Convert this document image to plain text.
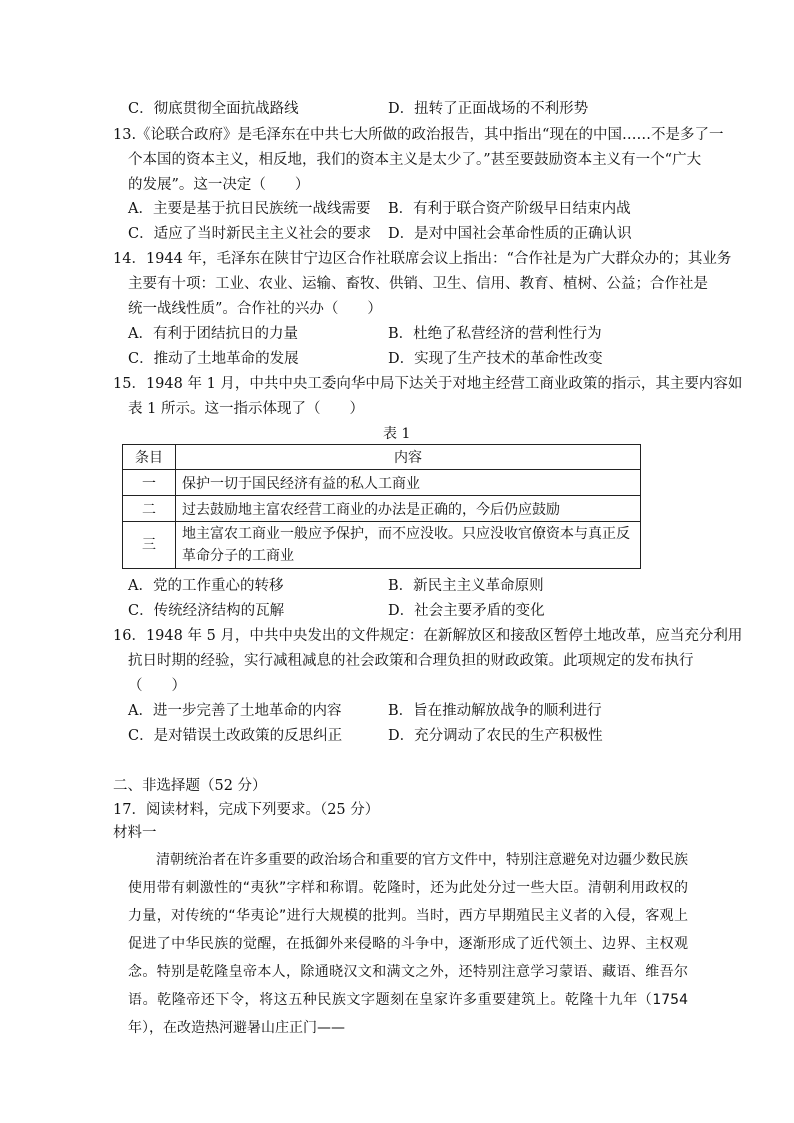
C．彻底贯彻全面抗战路线	D．扭转了正面战场的不利形势
13.《论联合政府》是毛泽东在中共七大所做的政治报告，其中指出“现在的中国……不是多了一
个本国的资本主义，相反地，我们的资本主义是太少了。”甚至要鼓励资本主义有一个“广大
的发展”。这一决定（　　）
A．主要是基于抗日民族统一战线需要 B．有利于联合资产阶级早日结束内战
C．适应了当时新民主主义社会的要求 D．是对中国社会革命性质的正确认识
14．1944 年，毛泽东在陕甘宁边区合作社联席会议上指出：“合作社是为广大群众办的；其业务
主要有十项：工业、农业、运输、畜牧、供销、卫生、信用、教育、植树、公益；合作社是
统一战线性质”。合作社的兴办（　　）
A．有利于团结抗日的力量	B．杜绝了私营经济的营利性行为
C．推动了土地革命的发展	D．实现了生产技术的革命性改变
15．1948 年 1 月，中共中央工委向华中局下达关于对地主经营工商业政策的指示，其主要内容如
表 1 所示。这一指示体现了（　　）
表 1
条目	内容
一	保护一切于国民经济有益的私人工商业
二	过去鼓励地主富农经营工商业的办法是正确的，今后仍应鼓励
三	地主富农工商业一般应予保护，而不应没收。只应没收官僚资本与真正反革命分子的工商业
A．党的工作重心的转移	B．新民主主义革命原则
C．传统经济结构的瓦解	D．社会主要矛盾的变化
16．1948 年 5 月，中共中央发出的文件规定：在新解放区和接敌区暂停土地改革，应当充分利用
抗日时期的经验，实行减租减息的社会政策和合理负担的财政政策。此项规定的发布执行
（　　）
A．进一步完善了土地革命的内容	B．旨在推动解放战争的顺利进行
C．是对错误土改政策的反思纠正	D．充分调动了农民的生产积极性
二、非选择题（52 分）
17．阅读材料，完成下列要求。（25 分）
材料一

清朝统治者在许多重要的政治场合和重要的官方文件中，特别注意避免对边疆少数民族使用带有刺激性的“夷狄”字样和称谓。乾隆时，还为此处分过一些大臣。清朝利用政权的力量，对传统的“华夷论”进行大规模的批判。当时，西方早期殖民主义者的入侵，客观上促进了中华民族的觉醒，在抵御外来侵略的斗争中，逐渐形成了近代领土、边界、主权观念。特别是乾隆皇帝本人，除通晓汉文和满文之外，还特别注意学习蒙语、藏语、维吾尔语。乾隆帝还下令，将这五种民族文字题刻在皇家许多重要建筑上。乾隆十九年（1754 年），在改造热河避暑山庄正门——
